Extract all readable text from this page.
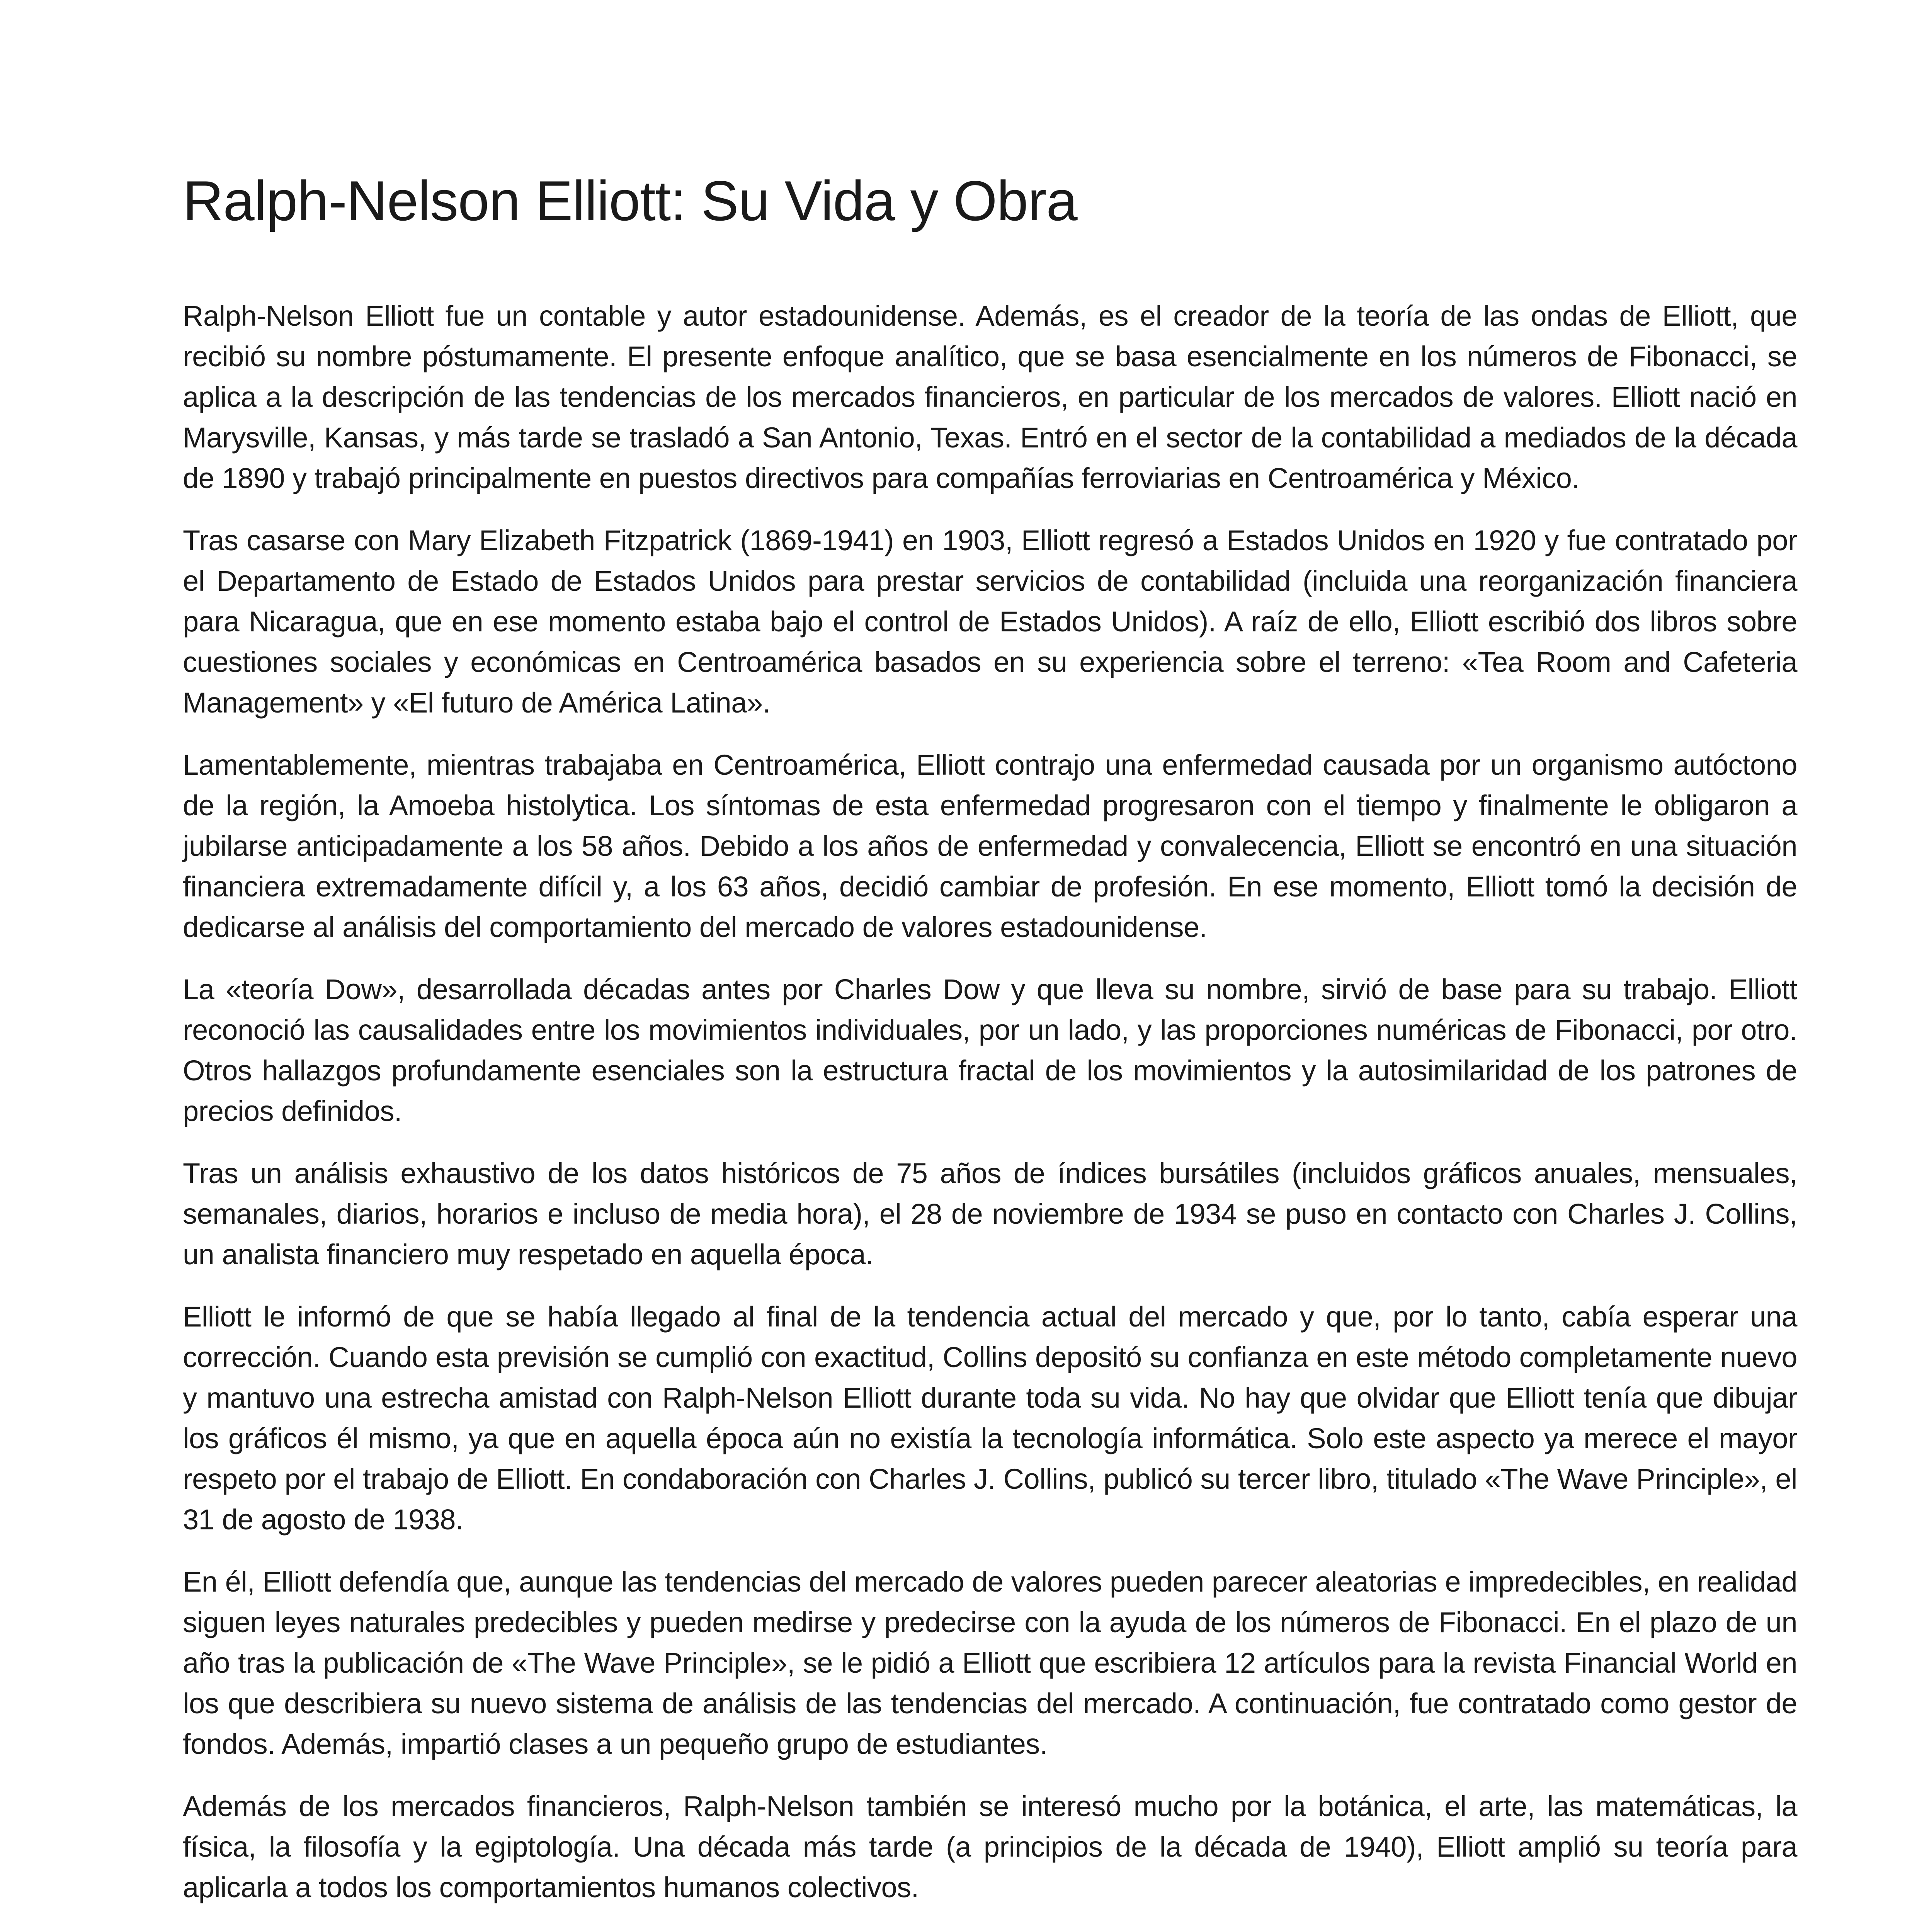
Ralph-Nelson Elliott: Su Vida y Obra

Ralph-Nelson Elliott fue un contable y autor estadounidense. Además, es el creador de la teoría de las ondas de Elliott, que recibió su nombre póstumamente. El presente enfoque analítico, que se basa esencialmente en los números de Fibonacci, se aplica a la descripción de las tendencias de los mercados financieros, en particular de los mercados de valores. Elliott nació en Marysville, Kansas, y más tarde se trasladó a San Antonio, Texas. Entró en el sector de la contabilidad a mediados de la década de 1890 y trabajó principalmente en puestos directivos para compañías ferroviarias en Centroamérica y México.

Tras casarse con Mary Elizabeth Fitzpatrick (1869-1941) en 1903, Elliott regresó a Estados Unidos en 1920 y fue contratado por el Departamento de Estado de Estados Unidos para prestar servicios de contabilidad (incluida una reorganización financiera para Nicaragua, que en ese momento estaba bajo el control de Estados Unidos). A raíz de ello, Elliott escribió dos libros sobre cuestiones sociales y económicas en Centroamérica basados en su experiencia sobre el terreno: «Tea Room and Cafeteria Management» y «El futuro de América Latina».

Lamentablemente, mientras trabajaba en Centroamérica, Elliott contrajo una enfermedad causada por un organismo autóctono de la región, la Amoeba histolytica. Los síntomas de esta enfermedad progresaron con el tiempo y finalmente le obligaron a jubilarse anticipadamente a los 58 años. Debido a los años de enfermedad y convalecencia, Elliott se encontró en una situación financiera extremadamente difícil y, a los 63 años, decidió cambiar de profesión. En ese momento, Elliott tomó la decisión de dedicarse al análisis del comportamiento del mercado de valores estadounidense.

La «teoría Dow», desarrollada décadas antes por Charles Dow y que lleva su nombre, sirvió de base para su trabajo. Elliott reconoció las causalidades entre los movimientos individuales, por un lado, y las proporciones numéricas de Fibonacci, por otro. Otros hallazgos profundamente esenciales son la estructura fractal de los movimientos y la autosimilaridad de los patrones de precios definidos.

Tras un análisis exhaustivo de los datos históricos de 75 años de índices bursátiles (incluidos gráficos anuales, mensuales, semanales, diarios, horarios e incluso de media hora), el 28 de noviembre de 1934 se puso en contacto con Charles J. Collins, un analista financiero muy respetado en aquella época.

Elliott le informó de que se había llegado al final de la tendencia actual del mercado y que, por lo tanto, cabía esperar una corrección. Cuando esta previsión se cumplió con exactitud, Collins depositó su confianza en este método completamente nuevo y mantuvo una estrecha amistad con Ralph-Nelson Elliott durante toda su vida. No hay que olvidar que Elliott tenía que dibujar los gráficos él mismo, ya que en aquella época aún no existía la tecnología informática. Solo este aspecto ya merece el mayor respeto por el trabajo de Elliott. En condaboración con Charles J. Collins, publicó su tercer libro, titulado «The Wave Principle», el 31 de agosto de 1938.

En él, Elliott defendía que, aunque las tendencias del mercado de valores pueden parecer aleatorias e impredecibles, en realidad siguen leyes naturales predecibles y pueden medirse y predecirse con la ayuda de los números de Fibonacci. En el plazo de un año tras la publicación de «The Wave Principle», se le pidió a Elliott que escribiera 12 artículos para la revista Financial World en los que describiera su nuevo sistema de análisis de las tendencias del mercado. A continuación, fue contratado como gestor de fondos. Además, impartió clases a un pequeño grupo de estudiantes.

Además de los mercados financieros, Ralph-Nelson también se interesó mucho por la botánica, el arte, las matemáticas, la física, la filosofía y la egiptología. Una década más tarde (a principios de la década de 1940), Elliott amplió su teoría para aplicarla a todos los comportamientos humanos colectivos.
